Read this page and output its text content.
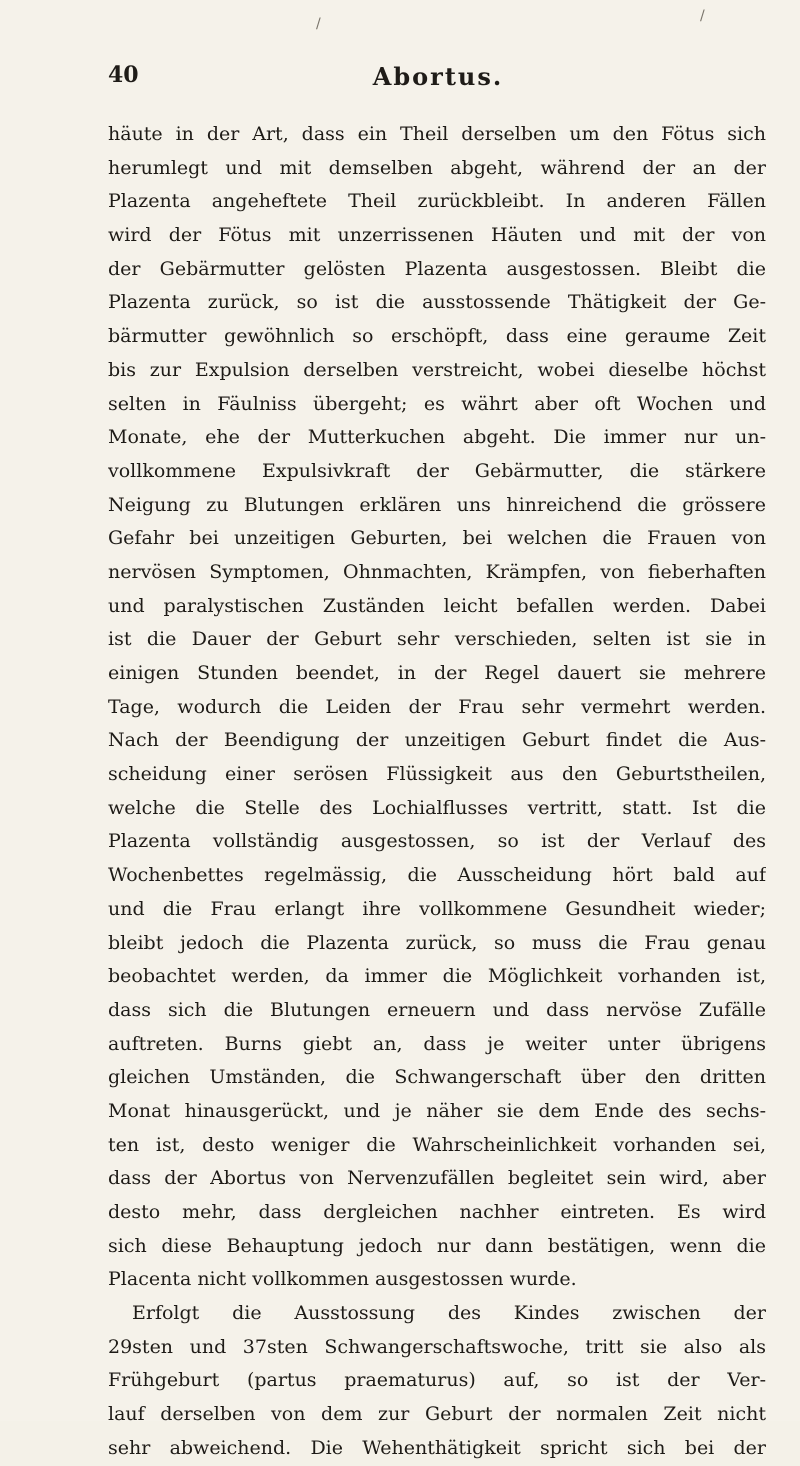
/	/
40	Abortus.
häute in der Art, dass ein Theil derselben um den Fötus sich
herumlegt und mit demselben abgeht, während der an der
Plazenta angeheftete Theil zurückbleibt. In anderen Fällen
wird der Fötus mit unzerrissenen Häuten und mit der von
der Gebärmutter gelösten Plazenta ausgestossen. Bleibt die
Plazenta zurück, so ist die ausstossende Thätigkeit der Ge-
bärmutter gewöhnlich so erschöpft, dass eine geraume Zeit
bis zur Expulsion derselben verstreicht, wobei dieselbe höchst
selten in Fäulniss übergeht; es währt aber oft Wochen und
Monate, ehe der Mutterkuchen abgeht. Die immer nur un-
vollkommene Expulsivkraft der Gebärmutter, die stärkere
Neigung zu Blutungen erklären uns hinreichend die grössere
Gefahr bei unzeitigen Geburten, bei welchen die Frauen von
nervösen Symptomen, Ohnmachten, Krämpfen, von fieberhaften
und paralystischen Zuständen leicht befallen werden. Dabei
ist die Dauer der Geburt sehr verschieden, selten ist sie in
einigen Stunden beendet, in der Regel dauert sie mehrere
Tage, wodurch die Leiden der Frau sehr vermehrt werden.
Nach der Beendigung der unzeitigen Geburt findet die Aus-
scheidung einer serösen Flüssigkeit aus den Geburtstheilen,
welche die Stelle des Lochialflusses vertritt, statt. Ist die
Plazenta vollständig ausgestossen, so ist der Verlauf des
Wochenbettes regelmässig, die Ausscheidung hört bald auf
und die Frau erlangt ihre vollkommene Gesundheit wieder;
bleibt jedoch die Plazenta zurück, so muss die Frau genau
beobachtet werden, da immer die Möglichkeit vorhanden ist,
dass sich die Blutungen erneuern und dass nervöse Zufälle
auftreten. Burns giebt an, dass je weiter unter übrigens
gleichen Umständen, die Schwangerschaft über den dritten
Monat hinausgerückt, und je näher sie dem Ende des sechs-
ten ist, desto weniger die Wahrscheinlichkeit vorhanden sei,
dass der Abortus von Nervenzufällen begleitet sein wird, aber
desto mehr, dass dergleichen nachher eintreten. Es wird
sich diese Behauptung jedoch nur dann bestätigen, wenn die
Placenta nicht vollkommen ausgestossen wurde.
Erfolgt die Ausstossung des Kindes zwischen der
29sten und 37sten Schwangerschaftswoche, tritt sie also als
Frühgeburt (partus praematurus) auf, so ist der Ver-
lauf derselben von dem zur Geburt der normalen Zeit nicht
sehr abweichend. Die Wehenthätigkeit spricht sich bei der
